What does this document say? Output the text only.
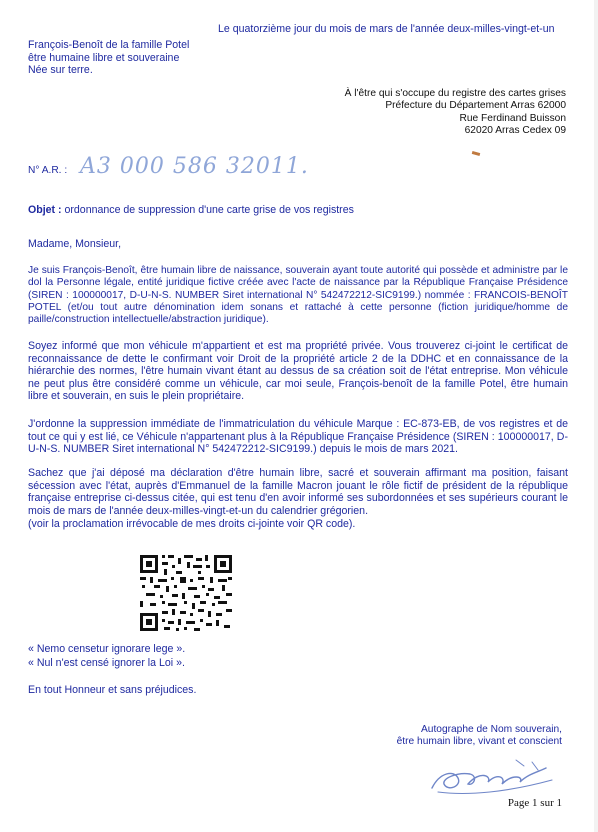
Le quatorzième jour du mois de mars de l'année deux-milles-vingt-et-un
François-Benoît de la famille Potel
être humaine libre et souveraine
Née sur terre.
À l'être qui s'occupe du registre des cartes grises
Préfecture du Département Arras 62000
Rue Ferdinand Buisson
62020 Arras Cedex 09
N° A.R. : A3 000 586 32011.
Objet : ordonnance de suppression d'une carte grise de vos registres
Madame, Monsieur,
Je suis François-Benoît, être humain libre de naissance, souverain ayant toute autorité qui possède et administre par le dol la Personne légale, entité juridique fictive créée avec l'acte de naissance par la République Française Présidence (SIREN : 100000017, D-U-N-S. NUMBER Siret international N° 542472212-SIC9199.) nommée : FRANCOIS-BENOÎT POTEL (et/ou tout autre dénomination idem sonans et rattaché à cette personne (fiction juridique/homme de paille/construction intellectuelle/abstraction juridique).
Soyez informé que mon véhicule m'appartient et est ma propriété privée. Vous trouverez ci-joint le certificat de reconnaissance de dette le confirmant voir Droit de la propriété article 2 de la DDHC et en connaissance de la hiérarchie des normes, l'être humain vivant étant au dessus de sa création soit de l'état entreprise. Mon véhicule ne peut plus être considéré comme un véhicule, car moi seule, François-benoît de la famille Potel, être humain libre et souverain, en suis le plein propriétaire.
J'ordonne la suppression immédiate de l'immatriculation du véhicule Marque : EC-873-EB, de vos registres et de tout ce qui y est lié, ce Véhicule n'appartenant plus à la République Française Présidence (SIREN : 100000017, D-U-N-S. NUMBER Siret international N° 542472212-SIC9199.) depuis le mois de mars 2021.
Sachez que j'ai déposé ma déclaration d'être humain libre, sacré et souverain affirmant ma position, faisant sécession avec l'état, auprès d'Emmanuel de la famille Macron jouant le rôle fictif de président de la république française entreprise ci-dessus citée, qui est tenu d'en avoir informé ses subordonnées et ses supérieurs courant le mois de mars de l'année deux-milles-vingt-et-un du calendrier grégorien.
(voir la proclamation irrévocable de mes droits ci-jointe voir QR code).
« Nemo censetur ignorare lege ».
« Nul n'est censé ignorer la Loi ».
En tout Honneur et sans préjudices.
Autographe de Nom souverain,
être humain libre, vivant et conscient
Page 1 sur 1
